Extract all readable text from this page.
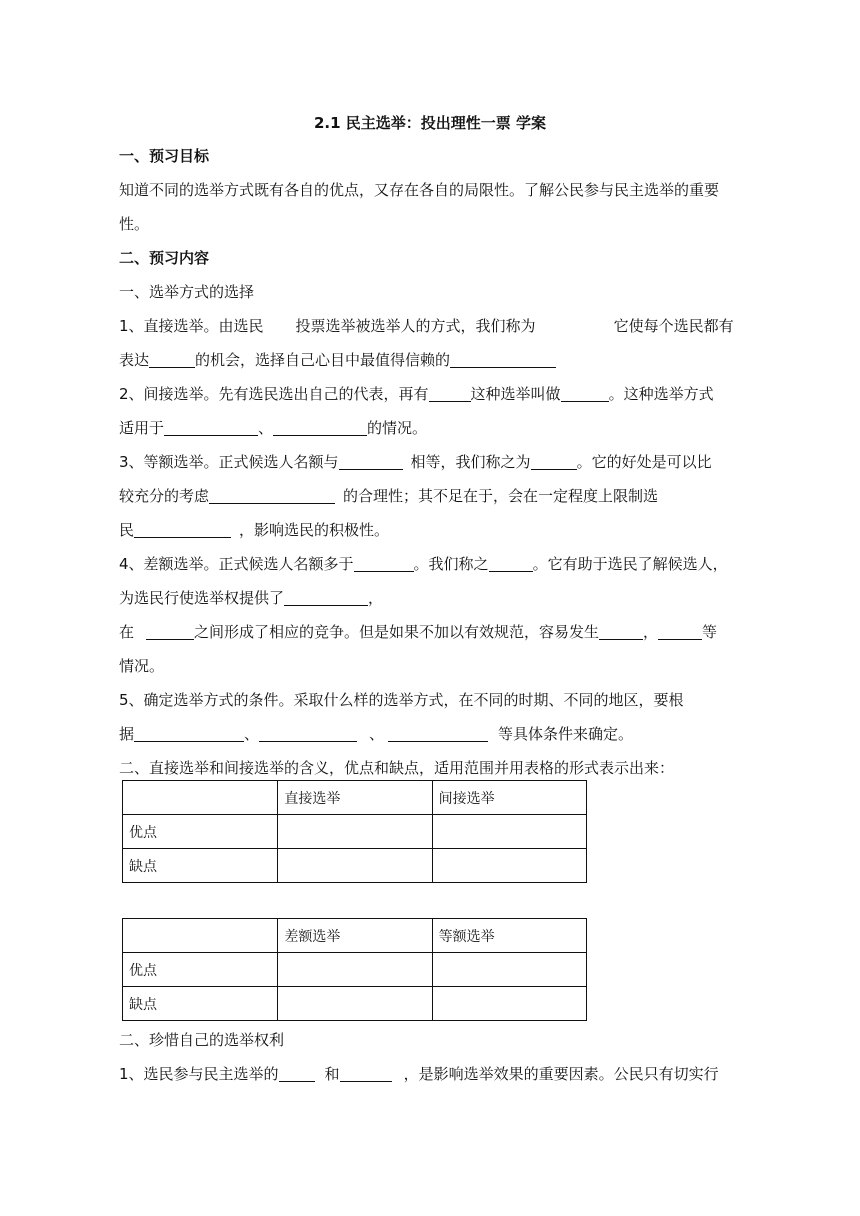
2.1 民主选举：投出理性一票 学案
一、预习目标
知道不同的选举方式既有各自的优点，又存在各自的局限性。了解公民参与民主选举的重要
性。
二、预习内容
一、选举方式的选择
1、直接选举。由选民 投票选举被选举人的方式，我们称为	它使每个选民都有
表达	的机会，选择自己心目中最值得信赖的
2、间接选举。先有选民选出自己的代表，再有	这种选举叫做	。这种选举方式
适用于	、	的情况。
3、等额选举。正式候选人名额与	相等，我们称之为	。它的好处是可以比
较充分的考虑	的合理性；其不足在于，会在一定程度上限制选
民	，影响选民的积极性。
4、差额选举。正式候选人名额多于	。我们称之	。它有助于选民了解候选人，
为选民行使选举权提供了	，
在	之间形成了相应的竞争。但是如果不加以有效规范，容易发生	，	等
情况。
5、确定选举方式的条件。采取什么样的选举方式，在不同的时期、不同的地区，要根
据	、	、	等具体条件来确定。
二、直接选举和间接选举的含义，优点和缺点，适用范围并用表格的形式表示出来：
	直接选举	间接选举
优点		
缺点		
	差额选举	等额选举
优点		
缺点		
二、珍惜自己的选举权利
1、选民参与民主选举的	和	，是影响选举效果的重要因素。公民只有切实行
